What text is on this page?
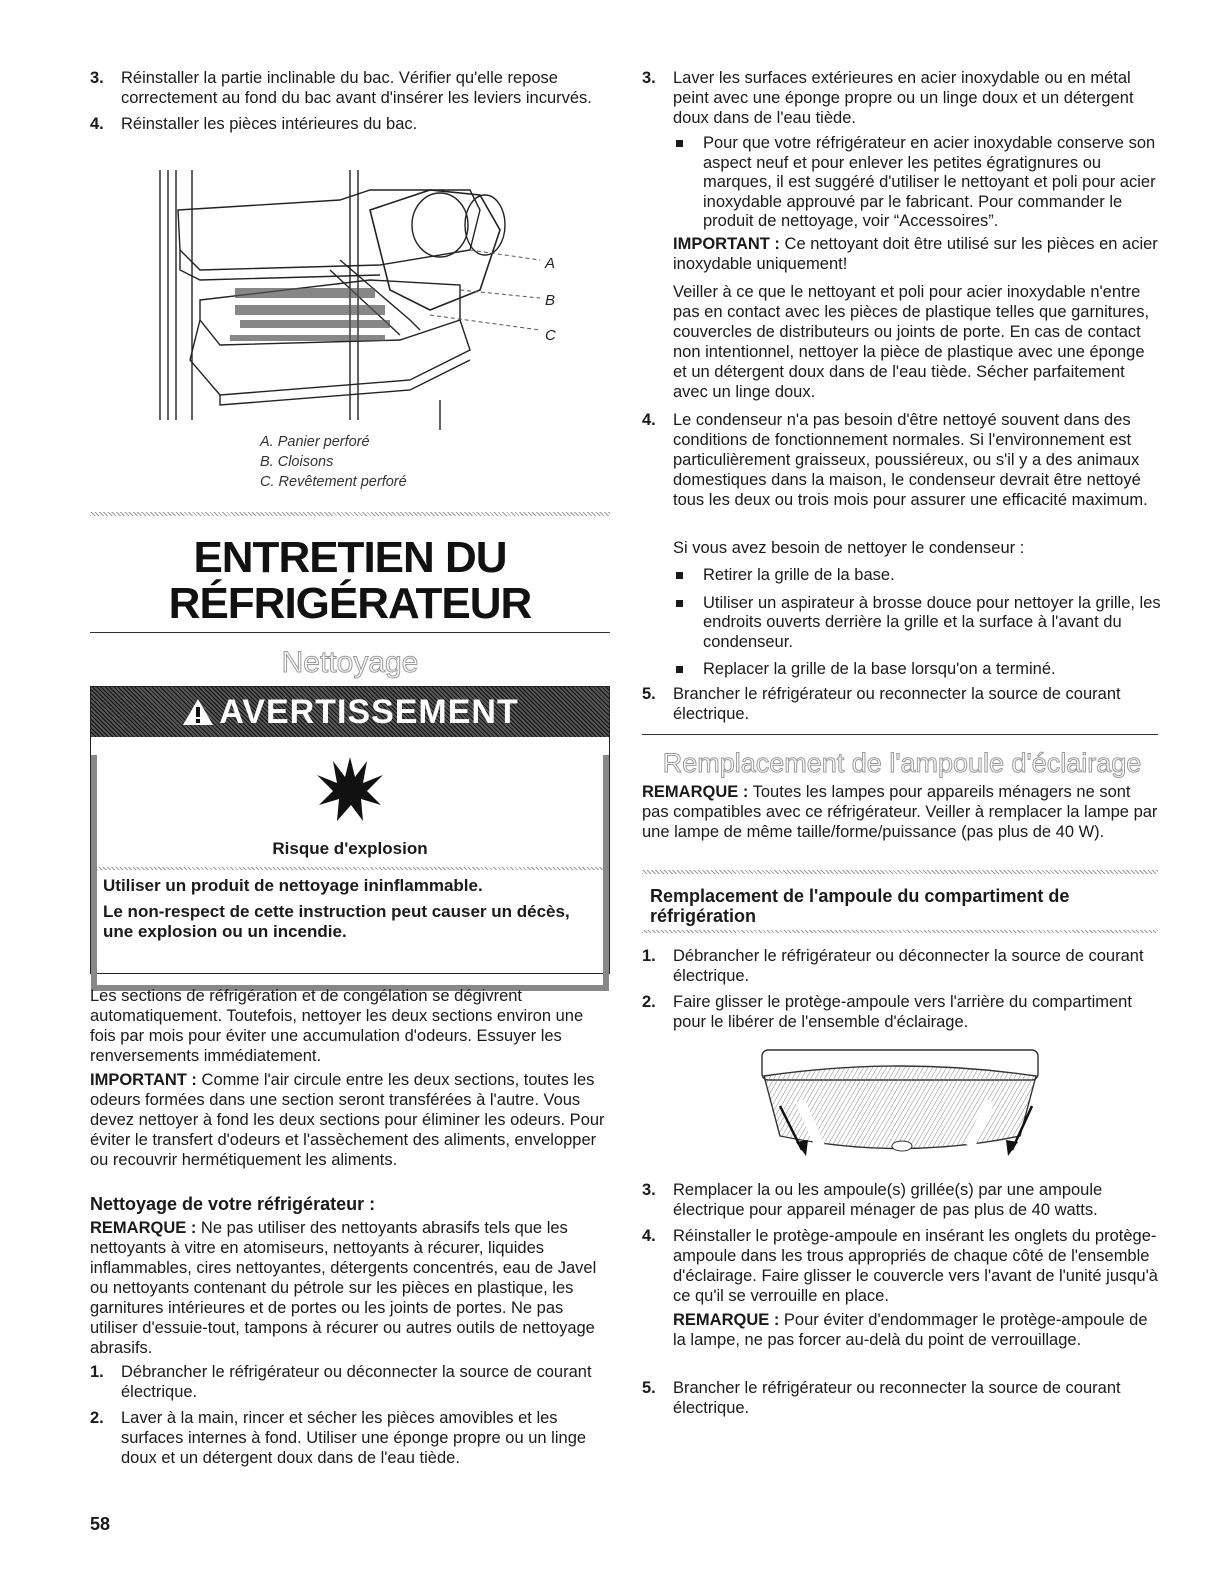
3. Réinstaller la partie inclinable du bac. Vérifier qu'elle repose correctement au fond du bac avant d'insérer les leviers incurvés.
4. Réinstaller les pièces intérieures du bac.
A
B
C
A. Panier perforé
B. Cloisons
C. Revêtement perforé
ENTRETIEN DU
RÉFRIGÉRATEUR
Nettoyage
AVERTISSEMENT
Risque d'explosion
Utiliser un produit de nettoyage ininflammable.
Le non-respect de cette instruction peut causer un décès, une explosion ou un incendie.

Les sections de réfrigération et de congélation se dégivrent automatiquement. Toutefois, nettoyer les deux sections environ une fois par mois pour éviter une accumulation d'odeurs. Essuyer les renversements immédiatement.

IMPORTANT : Comme l'air circule entre les deux sections, toutes les odeurs formées dans une section seront transférées à l'autre. Vous devez nettoyer à fond les deux sections pour éliminer les odeurs. Pour éviter le transfert d'odeurs et l'assèchement des aliments, envelopper ou recouvrir hermétiquement les aliments.

Nettoyage de votre réfrigérateur :

REMARQUE : Ne pas utiliser des nettoyants abrasifs tels que les nettoyants à vitre en atomiseurs, nettoyants à récurer, liquides inflammables, cires nettoyantes, détergents concentrés, eau de Javel ou nettoyants contenant du pétrole sur les pièces en plastique, les garnitures intérieures et de portes ou les joints de portes. Ne pas utiliser d'essuie-tout, tampons à récurer ou autres outils de nettoyage abrasifs.

1. Débrancher le réfrigérateur ou déconnecter la source de courant électrique.
2. Laver à la main, rincer et sécher les pièces amovibles et les surfaces internes à fond. Utiliser une éponge propre ou un linge doux et un détergent doux dans de l'eau tiède.
3. Laver les surfaces extérieures en acier inoxydable ou en métal peint avec une éponge propre ou un linge doux et un détergent doux dans de l'eau tiède.
Pour que votre réfrigérateur en acier inoxydable conserve son aspect neuf et pour enlever les petites égratignures ou marques, il est suggéré d'utiliser le nettoyant et poli pour acier inoxydable approuvé par le fabricant. Pour commander le produit de nettoyage, voir “Accessoires”.

IMPORTANT : Ce nettoyant doit être utilisé sur les pièces en acier inoxydable uniquement!

Veiller à ce que le nettoyant et poli pour acier inoxydable n'entre pas en contact avec les pièces de plastique telles que garnitures, couvercles de distributeurs ou joints de porte. En cas de contact non intentionnel, nettoyer la pièce de plastique avec une éponge et un détergent doux dans de l'eau tiède. Sécher parfaitement avec un linge doux.

4. Le condenseur n'a pas besoin d'être nettoyé souvent dans des conditions de fonctionnement normales. Si l'environnement est particulièrement graisseux, poussiéreux, ou s'il y a des animaux domestiques dans la maison, le condenseur devrait être nettoyé tous les deux ou trois mois pour assurer une efficacité maximum.

Si vous avez besoin de nettoyer le condenseur :

Retirer la grille de la base.
Utiliser un aspirateur à brosse douce pour nettoyer la grille, les endroits ouverts derrière la grille et la surface à l'avant du condenseur.
Replacer la grille de la base lorsqu'on a terminé.
5. Brancher le réfrigérateur ou reconnecter la source de courant électrique.
Remplacement de l'ampoule d'éclairage

REMARQUE : Toutes les lampes pour appareils ménagers ne sont pas compatibles avec ce réfrigérateur. Veiller à remplacer la lampe par une lampe de même taille/forme/puissance (pas plus de 40 W).

Remplacement de l'ampoule du compartiment de réfrigération
1. Débrancher le réfrigérateur ou déconnecter la source de courant électrique.
2. Faire glisser le protège-ampoule vers l'arrière du compartiment pour le libérer de l'ensemble d'éclairage.
3. Remplacer la ou les ampoule(s) grillée(s) par une ampoule électrique pour appareil ménager de pas plus de 40 watts.
4. Réinstaller le protège-ampoule en insérant les onglets du protège-ampoule dans les trous appropriés de chaque côté de l'ensemble d'éclairage. Faire glisser le couvercle vers l'avant de l'unité jusqu'à ce qu'il se verrouille en place.

REMARQUE : Pour éviter d'endommager le protège-ampoule de la lampe, ne pas forcer au-delà du point de verrouillage.

5. Brancher le réfrigérateur ou reconnecter la source de courant électrique.
58
